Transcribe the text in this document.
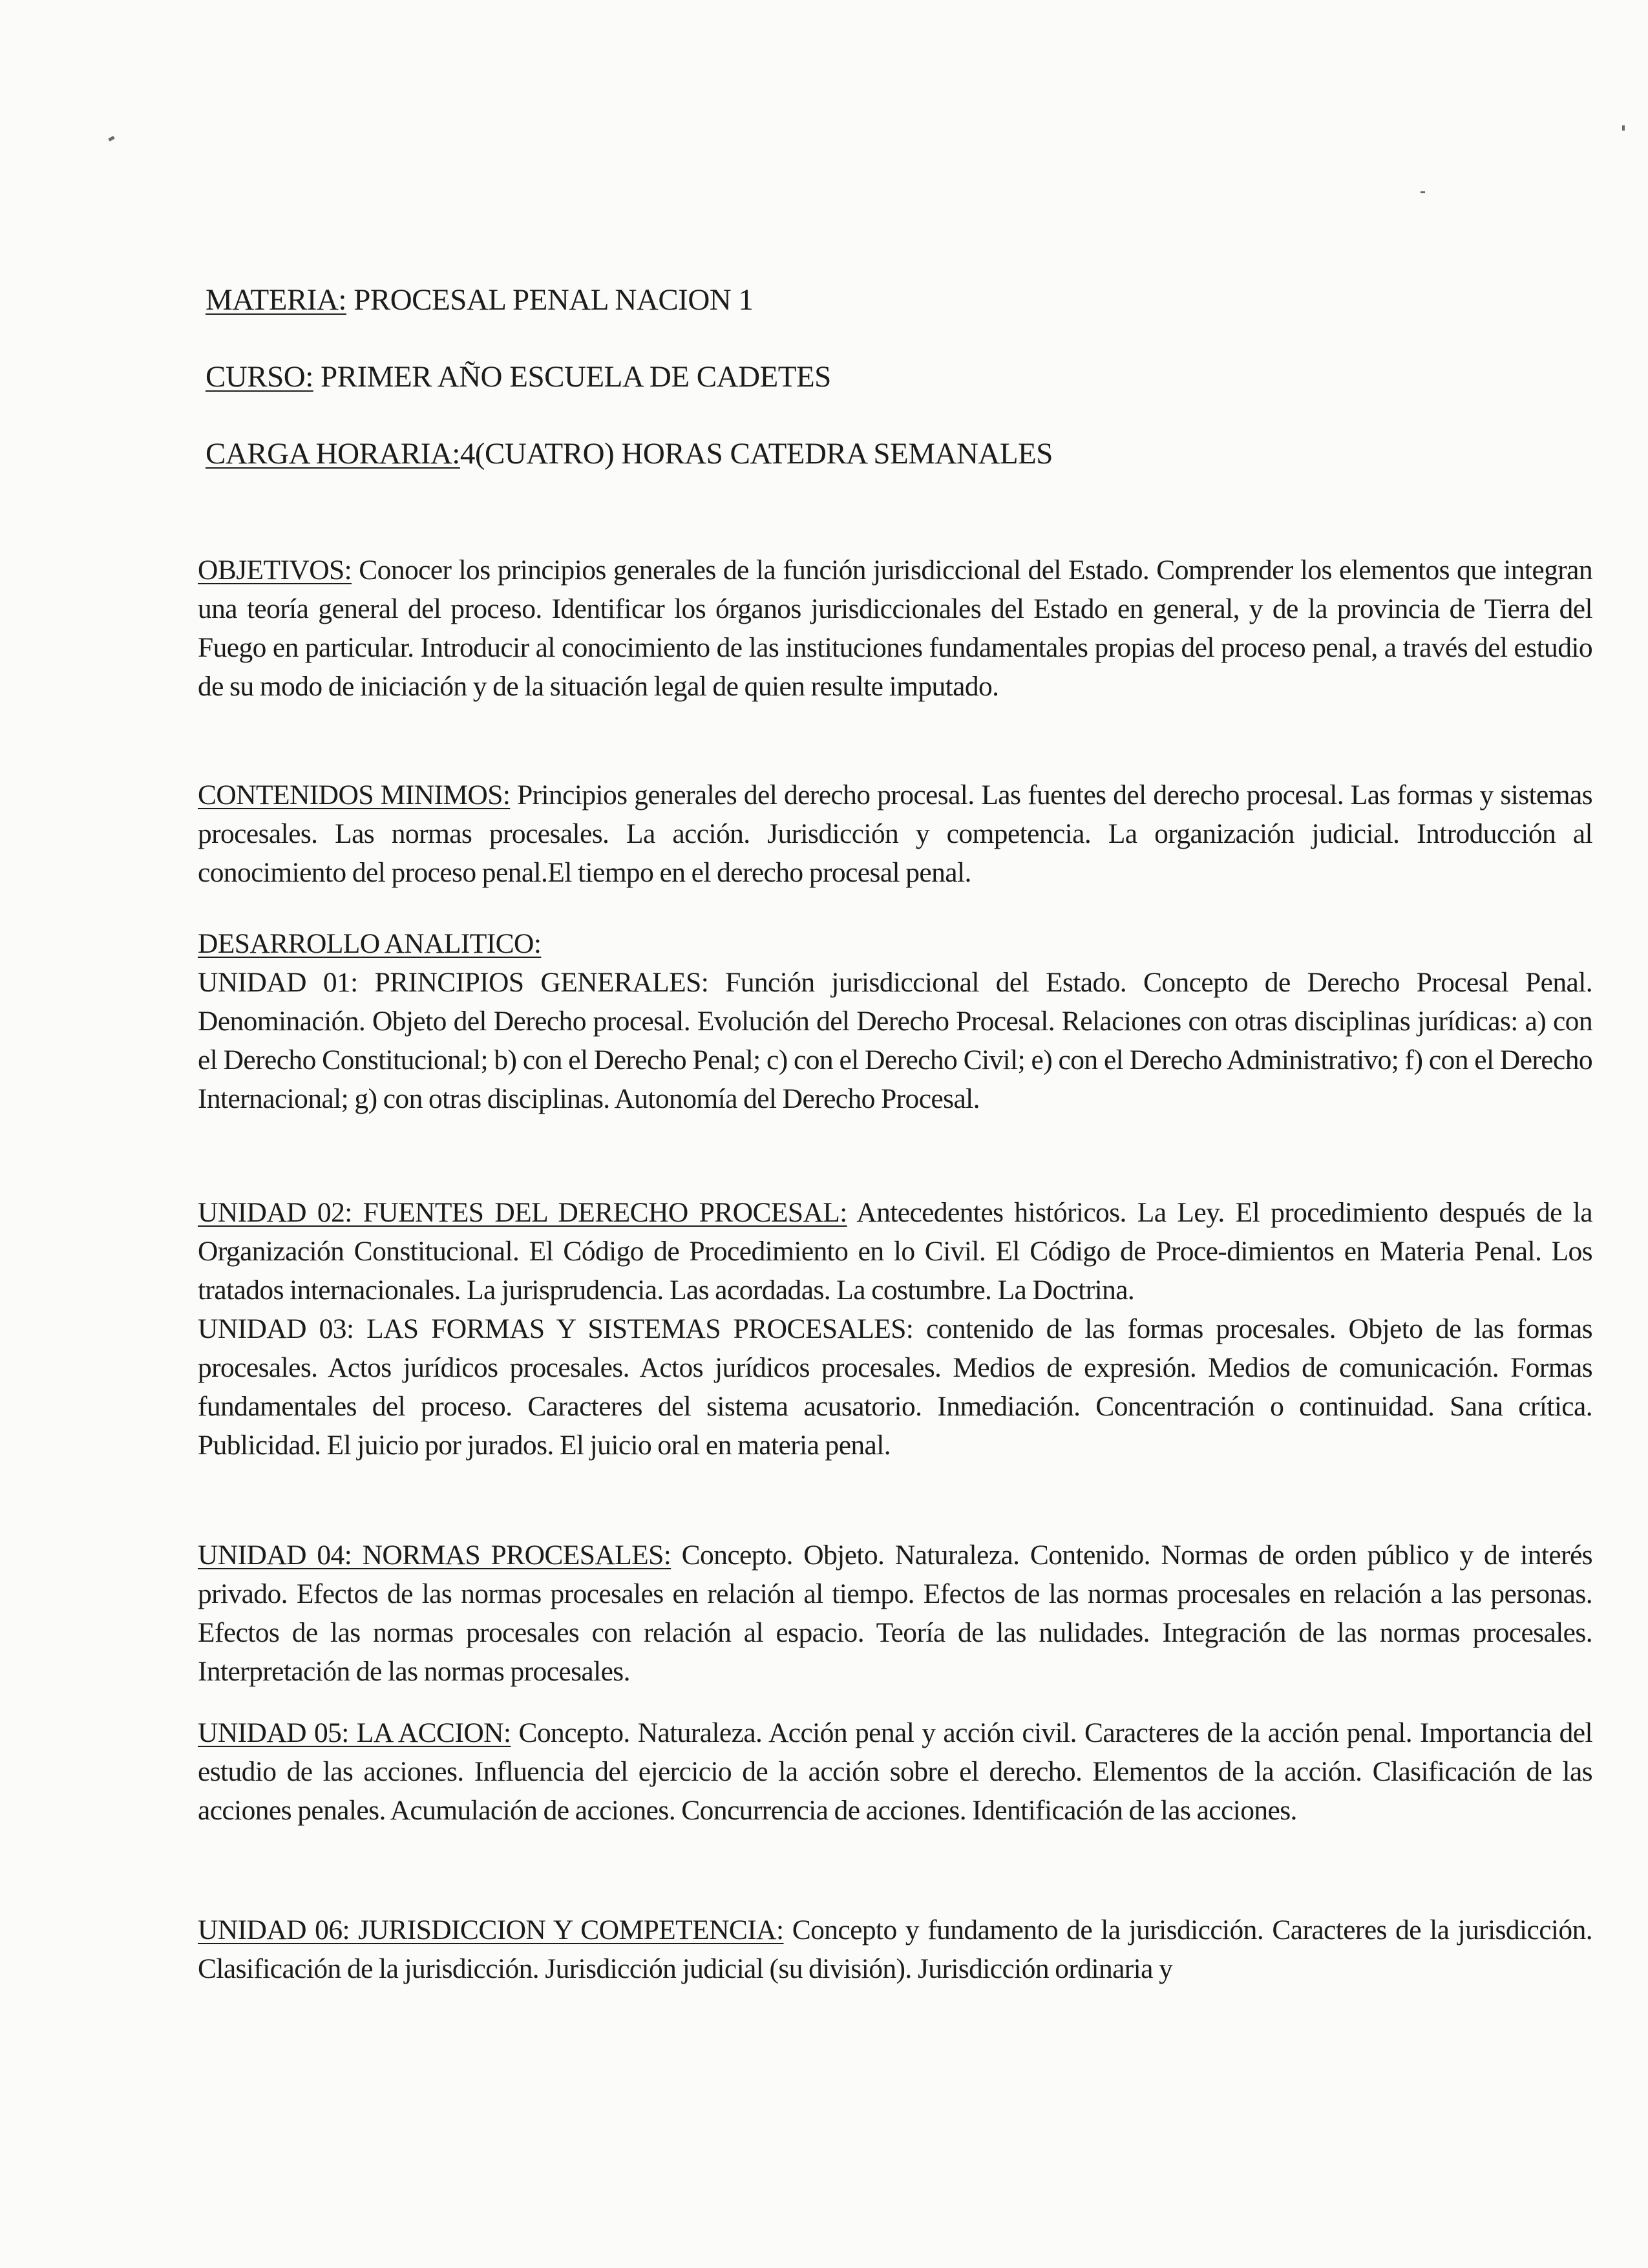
MATERIA: PROCESAL PENAL NACION 1
CURSO: PRIMER AÑO ESCUELA DE CADETES
CARGA HORARIA:4(CUATRO) HORAS CATEDRA SEMANALES

OBJETIVOS: Conocer los principios generales de la función jurisdiccional del Estado. Comprender los elementos que integran una teoría general del proceso. Identificar los órganos jurisdiccionales del Estado en general, y de la provincia de Tierra del Fuego en particular. Introducir al conocimiento de las instituciones fundamentales propias del proceso penal, a través del estudio de su modo de iniciación y de la situación legal de quien resulte imputado.

CONTENIDOS MINIMOS: Principios generales del derecho procesal. Las fuentes del derecho procesal. Las formas y sistemas procesales. Las normas procesales. La acción. Jurisdicción y competencia. La organización judicial. Introducción al conocimiento del proceso penal.El tiempo en el derecho procesal penal.

DESARROLLO ANALITICO:

UNIDAD 01: PRINCIPIOS GENERALES: Función jurisdiccional del Estado. Concepto de Derecho Procesal Penal. Denominación. Objeto del Derecho procesal. Evolución del Derecho Procesal. Relaciones con otras disciplinas jurídicas: a) con el Derecho Constitucional; b) con el Derecho Penal; c) con el Derecho Civil; e) con el Derecho Administrativo; f) con el Derecho Internacional; g) con otras disciplinas. Autonomía del Derecho Procesal.

UNIDAD 02: FUENTES DEL DERECHO PROCESAL: Antecedentes históricos. La Ley. El procedimiento después de la Organización Constitucional. El Código de Procedimiento en lo Civil. El Código de Proce-dimientos en Materia Penal. Los tratados internacionales. La jurisprudencia. Las acordadas. La costumbre. La Doctrina.

UNIDAD 03: LAS FORMAS Y SISTEMAS PROCESALES: contenido de las formas procesales. Objeto de las formas procesales. Actos jurídicos procesales. Actos jurídicos procesales. Medios de expresión. Medios de comunicación. Formas fundamentales del proceso. Caracteres del sistema acusatorio. Inmediación. Concentración o continuidad. Sana crítica. Publicidad. El juicio por jurados. El juicio oral en materia penal.

UNIDAD 04: NORMAS PROCESALES: Concepto. Objeto. Naturaleza. Contenido. Normas de orden público y de interés privado. Efectos de las normas procesales en relación al tiempo. Efectos de las normas procesales en relación a las personas. Efectos de las normas procesales con relación al espacio. Teoría de las nulidades. Integración de las normas procesales. Interpretación de las normas procesales.

UNIDAD 05: LA ACCION: Concepto. Naturaleza. Acción penal y acción civil. Caracteres de la acción penal. Importancia del estudio de las acciones. Influencia del ejercicio de la acción sobre el derecho. Elementos de la acción. Clasificación de las acciones penales. Acumulación de acciones. Concurrencia de acciones. Identificación de las acciones.

UNIDAD 06: JURISDICCION Y COMPETENCIA: Concepto y fundamento de la jurisdicción. Caracteres de la jurisdicción. Clasificación de la jurisdicción. Jurisdicción judicial (su división). Jurisdicción ordinaria y
